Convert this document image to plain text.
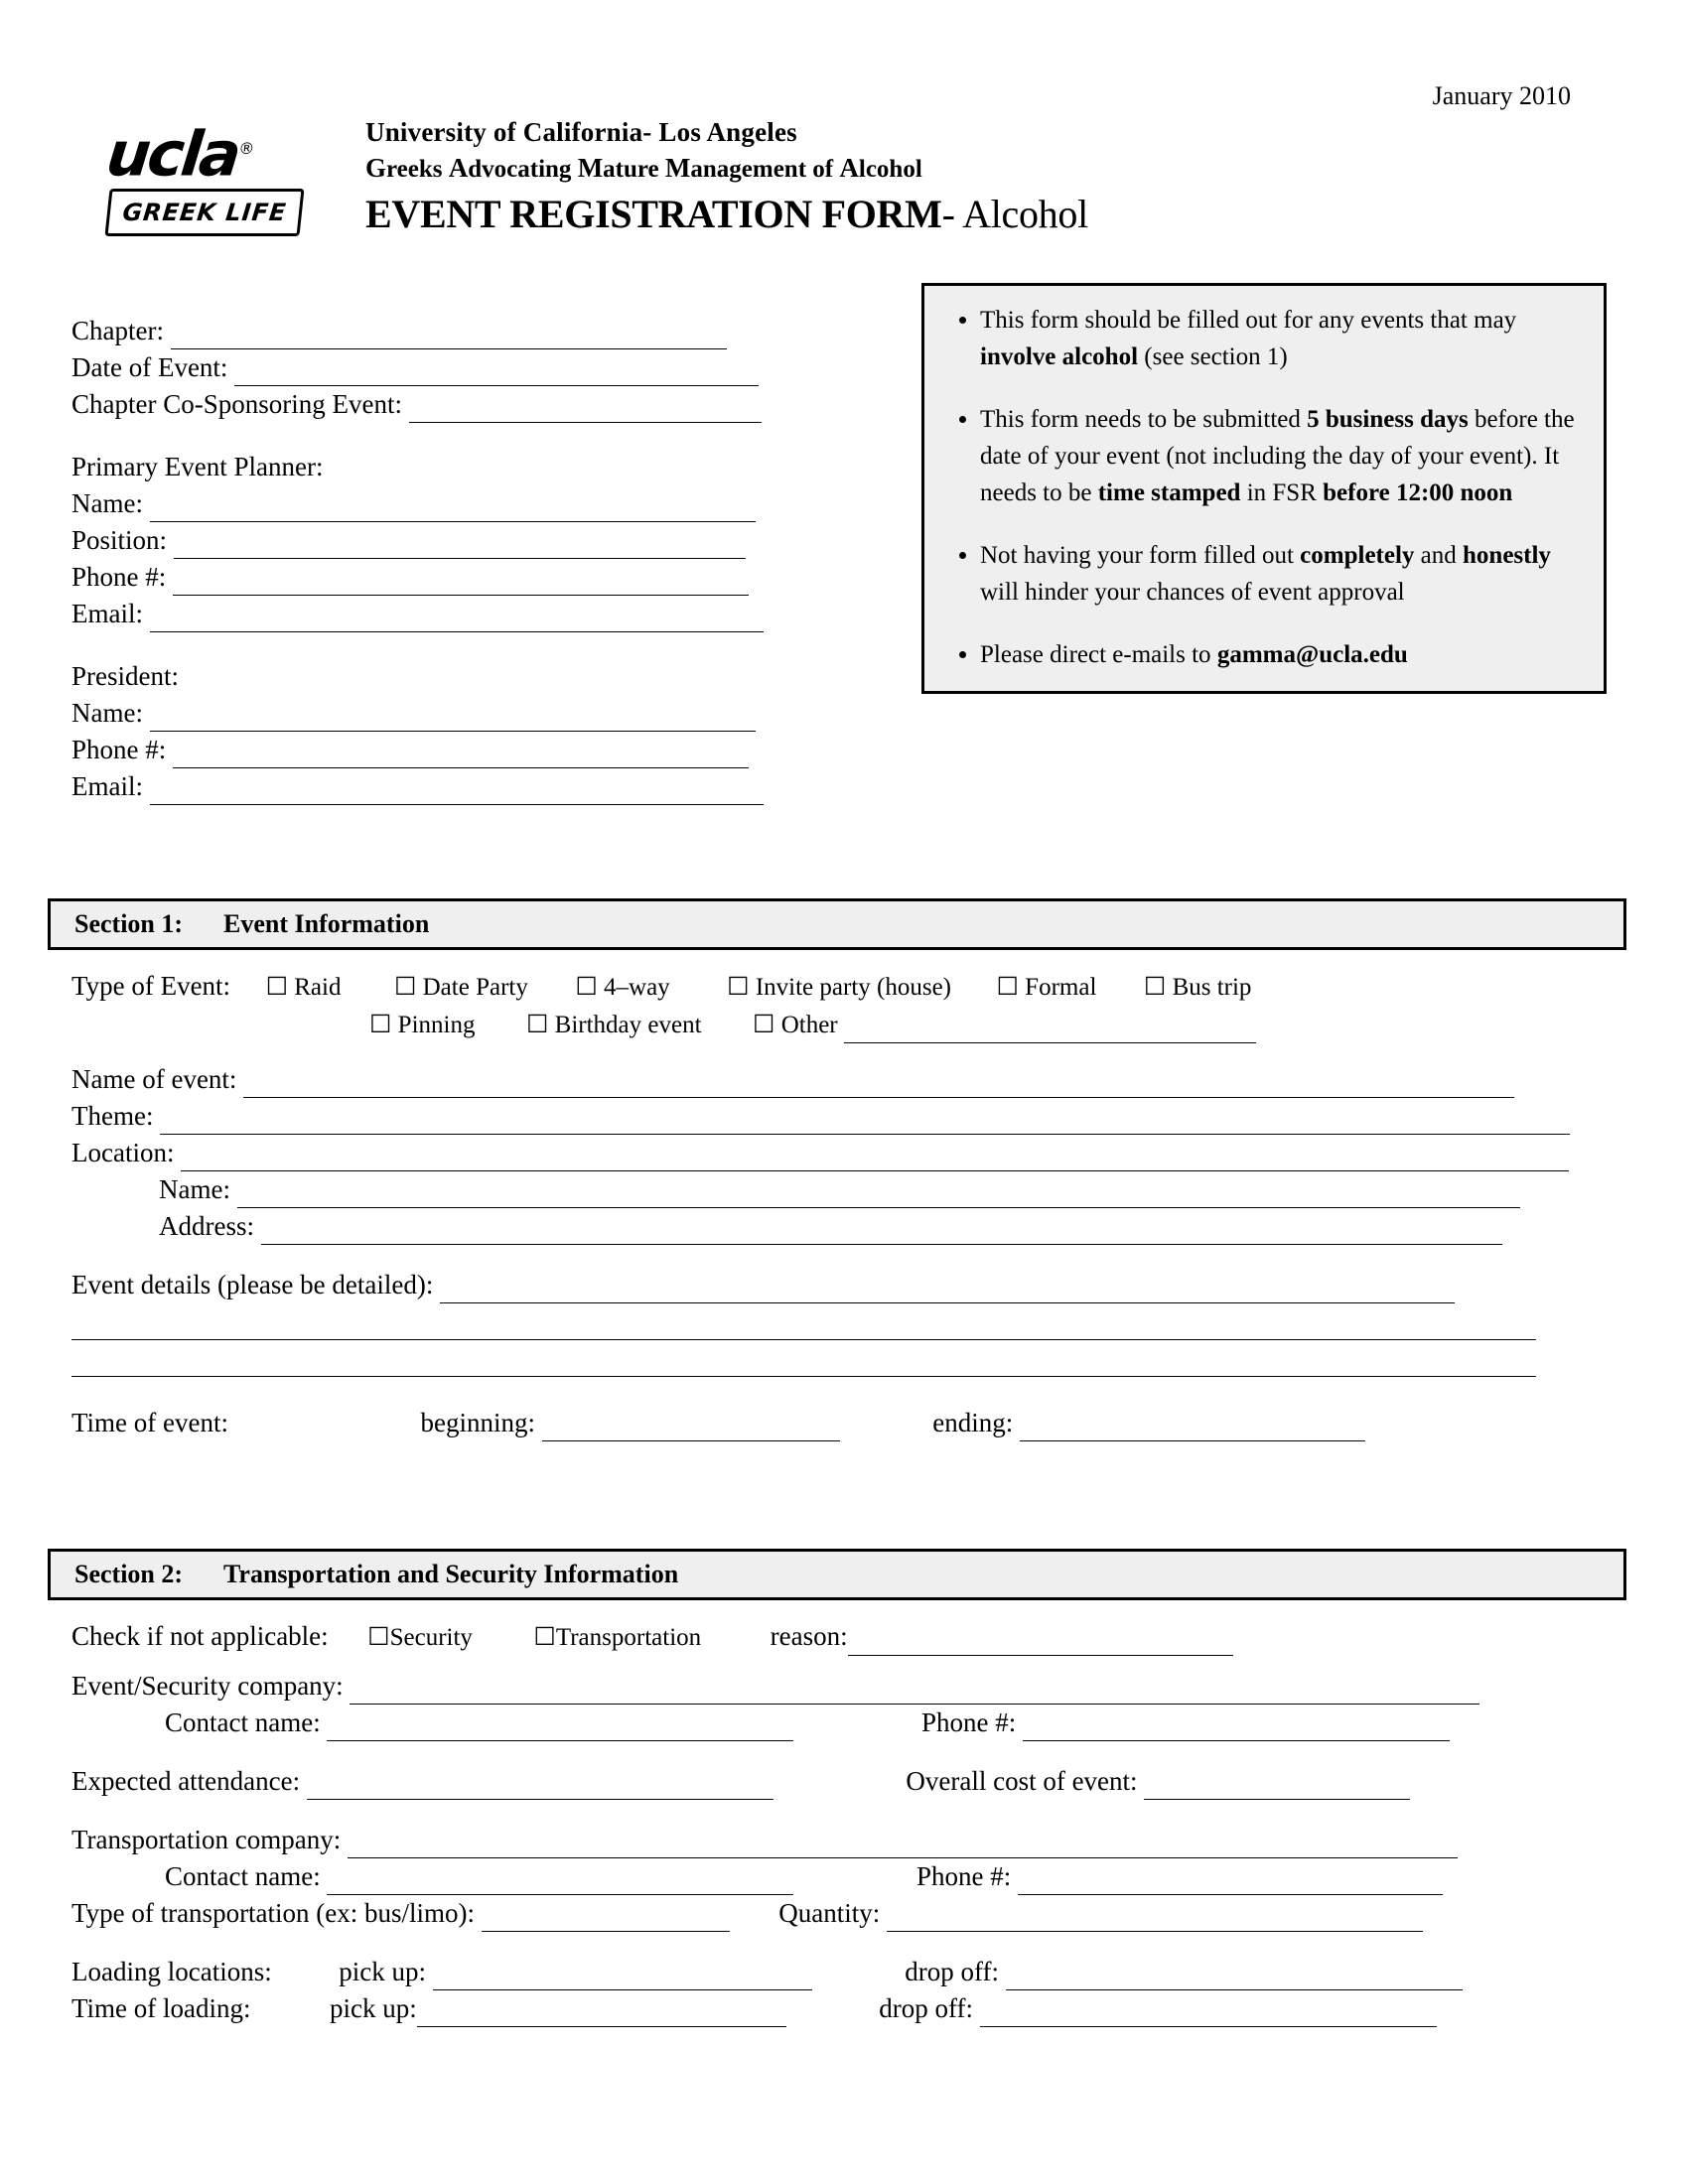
January 2010
ucla®
GREEK LIFE
University of California- Los Angeles
Greeks Advocating Mature Management of Alcohol
EVENT REGISTRATION FORM- Alcohol
Chapter:
Date of Event:
Chapter Co-Sponsoring Event:
Primary Event Planner:
Name:
Position:
Phone #:
Email:
President:
Name:
Phone #:
Email:
• This form should be filled out for any events that may involve alcohol (see section 1)
• This form needs to be submitted 5 business days before the date of your event (not including the day of your event). It needs to be time stamped in FSR before 12:00 noon
• Not having your form filled out completely and honestly will hinder your chances of event approval
• Please direct e-mails to gamma@ucla.edu
Section 1:	Event Information
Type of Event: ☐ Raid ☐ Date Party ☐ 4–way ☐ Invite party (house) ☐ Formal ☐ Bus trip
☐ Pinning ☐ Birthday event ☐ Other
Name of event:
Theme:
Location:
Name:
Address:
Event details (please be detailed):
Time of event:	beginning:	ending:
Section 2:	Transportation and Security Information
Check if not applicable: ☐Security ☐Transportation	reason:
Event/Security company:
Contact name:	Phone #:
Expected attendance:	Overall cost of event:
Transportation company:
Contact name:	Phone #:
Type of transportation (ex: bus/limo):	Quantity:
Loading locations:	pick up:	drop off:
Time of loading:	pick up:	drop off:
